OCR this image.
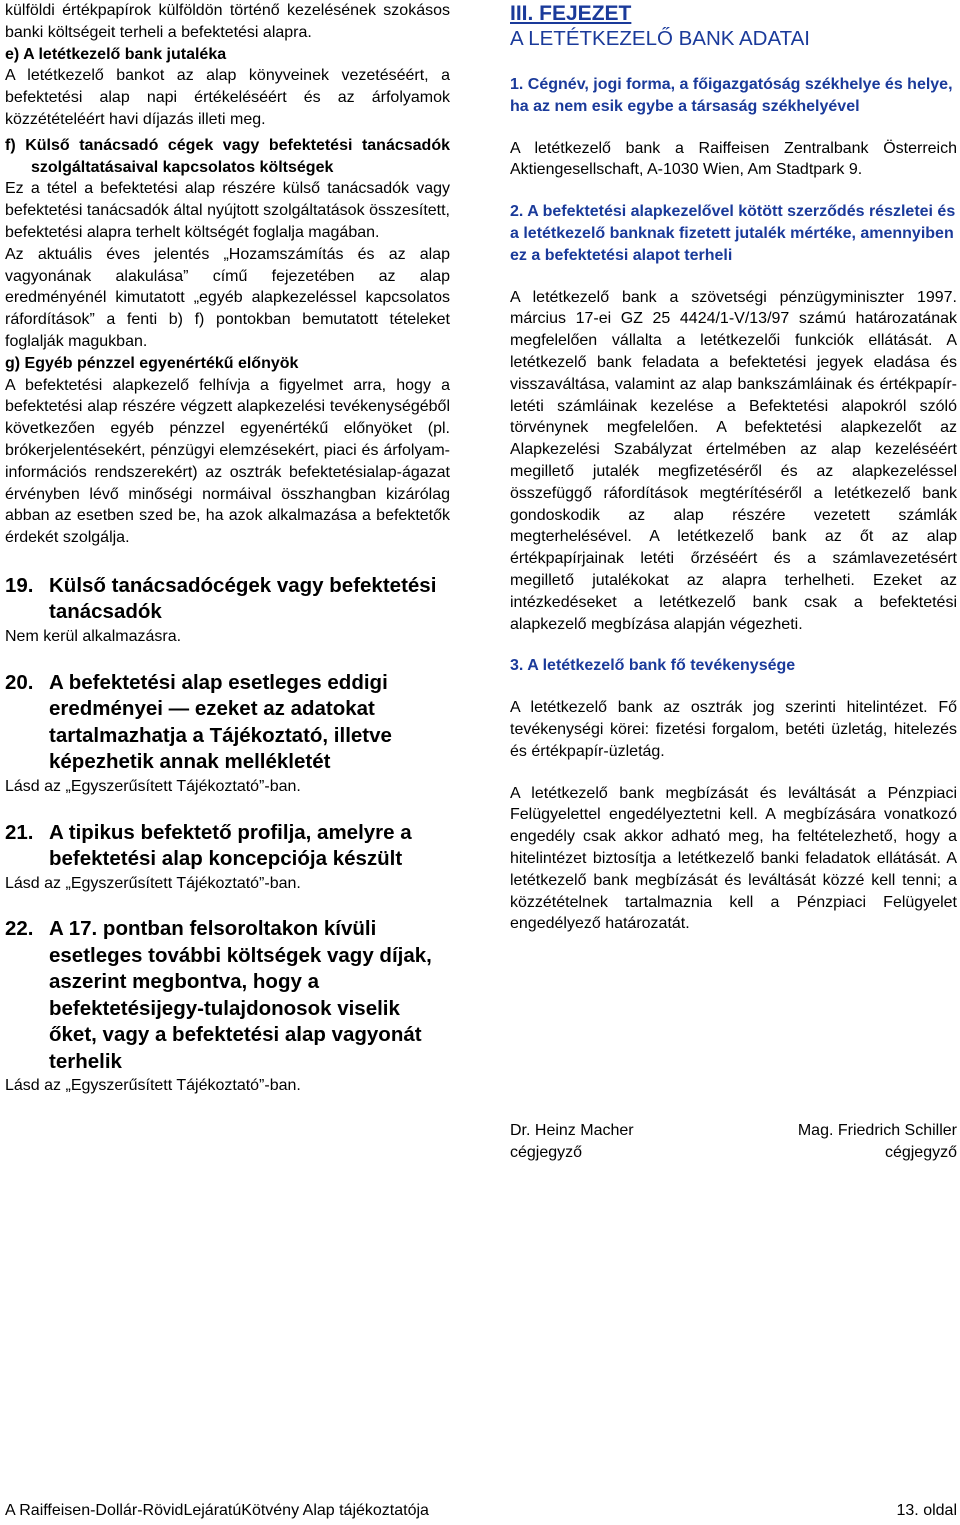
külföldi értékpapírok külföldön történő kezelésének szokásos banki költségeit terheli a befektetési alapra.

e) A letétkezelő bank jutaléka

A letétkezelő bankot az alap könyveinek vezetéséért, a befektetési alap napi értékeléséért és az árfolyamok közzétételéért havi díjazás illeti meg.

f) Külső tanácsadó cégek vagy befektetési tanácsadók szolgáltatásaival kapcsolatos költségek

Ez a tétel a befektetési alap részére külső tanácsadók vagy befektetési tanácsadók által nyújtott szolgáltatások összesített, befektetési alapra terhelt költségét foglalja magában.

Az aktuális éves jelentés „Hozamszámítás és az alap vagyonának alakulása” című fejezetében az alap eredményénél kimutatott „egyéb alapkezeléssel kapcsolatos ráfordítások” a fenti b) f) pontokban bemutatott tételeket foglalják magukban.

g) Egyéb pénzzel egyenértékű előnyök

A befektetési alapkezelő felhívja a figyelmet arra, hogy a befektetési alap részére végzett alapkezelési tevékenységéből következően egyéb pénzzel egyenértékű előnyöket (pl. brókerjelentésekért, pénzügyi elemzésekért, piaci és árfolyam-információs rendszerekért) az osztrák befektetésialap-ágazat érvényben lévő minőségi normáival összhangban kizárólag abban az esetben szed be, ha azok alkalmazása a befektetők érdekét szolgálja.

19. Külső tanácsadócégek vagy befektetési tanácsadók

Nem kerül alkalmazásra.

20. A befektetési alap esetleges eddigi eredményei — ezeket az adatokat tartalmazhatja a Tájékoztató, illetve képezhetik annak mellékletét

Lásd az „Egyszerűsített Tájékoztató”-ban.

21. A tipikus befektető profilja, amelyre a befektetési alap koncepciója készült

Lásd az „Egyszerűsített Tájékoztató”-ban.

22. A 17. pontban felsoroltakon kívüli esetleges további költségek vagy díjak, aszerint megbontva, hogy a befektetésijegy-tulajdonosok viselik őket, vagy a befektetési alap vagyonát terhelik

Lásd az „Egyszerűsített Tájékoztató”-ban.

III. FEJEZET

A LETÉTKEZELŐ BANK ADATAI

1. Cégnév, jogi forma, a főigazgatóság székhelye és helye, ha az nem esik egybe a társaság székhelyével

A letétkezelő bank a Raiffeisen Zentralbank Österreich Aktiengesellschaft, A-1030 Wien, Am Stadtpark 9.

2. A befektetési alapkezelővel kötött szerződés részletei és a letétkezelő banknak fizetett jutalék mértéke, amennyiben ez a befektetési alapot terheli

A letétkezelő bank a szövetségi pénzügyminiszter 1997. március 17-ei GZ 25 4424/1-V/13/97 számú határozatának megfelelően vállalta a letétkezelői funkciók ellátását. A letétkezelő bank feladata a befektetési jegyek eladása és visszaváltása, valamint az alap bankszámláinak és értékpapír-letéti számláinak kezelése a Befektetési alapokról szóló törvénynek megfelelően. A befektetési alapkezelőt az Alapkezelési Szabályzat értelmében az alap kezeléséért megillető jutalék megfizetéséről és az alapkezeléssel összefüggő ráfordítások megtérítéséről a letétkezelő bank gondoskodik az alap részére vezetett számlák megterhelésével. A letétkezelő bank az őt az alap értékpapírjainak letéti őrzéséért és a számlavezetésért megillető jutalékokat az alapra terhelheti. Ezeket az intézkedéseket a letétkezelő bank csak a befektetési alapkezelő megbízása alapján végezheti.

3. A letétkezelő bank fő tevékenysége

A letétkezelő bank az osztrák jog szerinti hitelintézet. Fő tevékenységi körei: fizetési forgalom, betéti üzletág, hitelezés és értékpapír-üzletág.

A letétkezelő bank megbízását és leváltását a Pénzpiaci Felügyelettel engedélyeztetni kell. A megbízására vonatkozó engedély csak akkor adható meg, ha feltételezhető, hogy a hitelintézet biztosítja a letétkezelő banki feladatok ellátását. A letétkezelő bank megbízását és leváltását közzé kell tenni; a közzétételnek tartalmaznia kell a Pénzpiaci Felügyelet engedélyező határozatát.

Dr. Heinz Macher
cégjegyző
Mag. Friedrich Schiller
cégjegyző
A Raiffeisen-Dollár-RövidLejáratúKötvény Alap tájékoztatója	13. oldal
